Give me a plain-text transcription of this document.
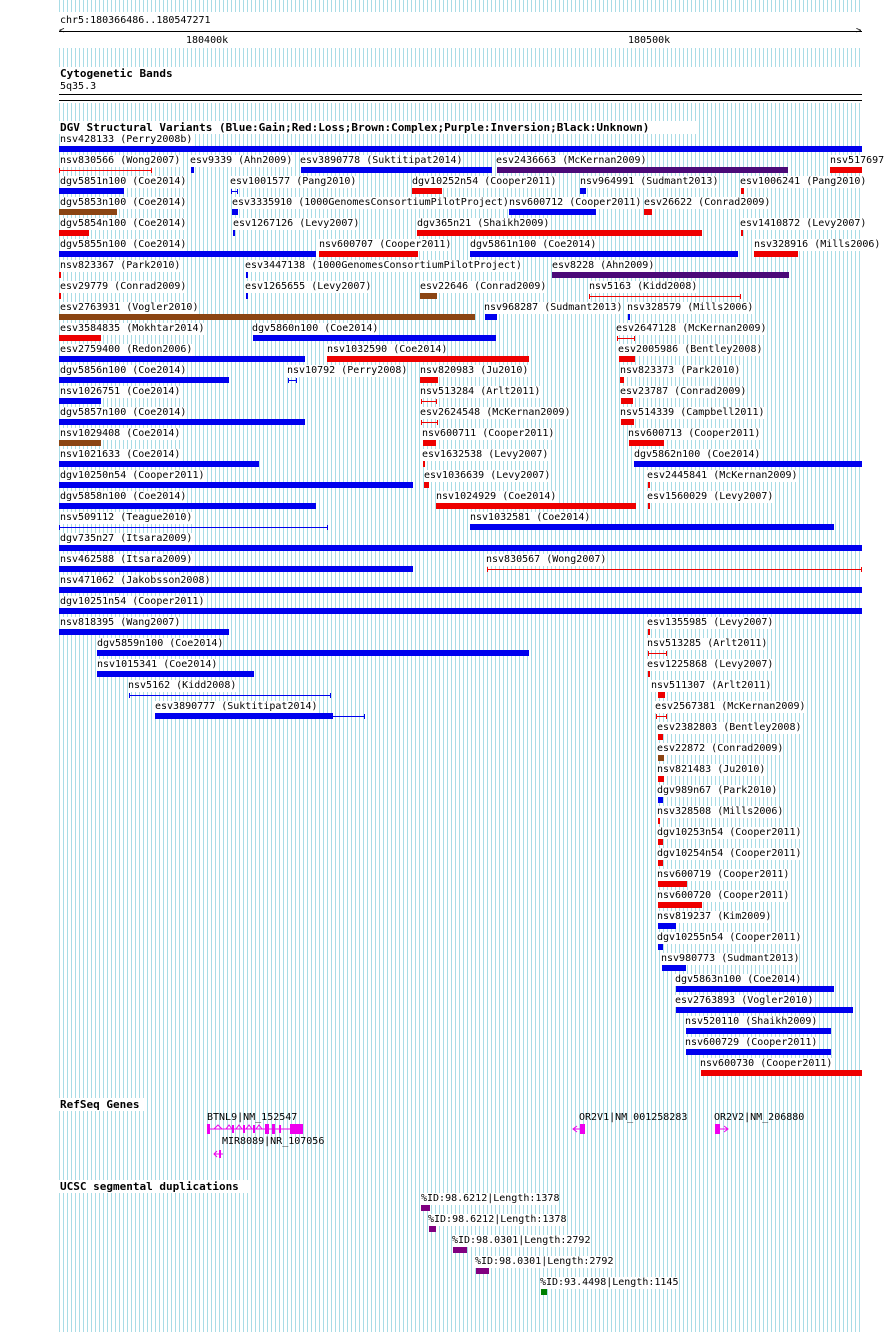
chr5:180366486..180547271
<	>
180400k	180500k
Cytogenetic Bands
5q35.3
DGV Structural Variants (Blue:Gain;Red:Loss;Brown:Complex;Purple:Inversion;Black:Unknown)
nsv428133 (Perry2008b)
nsv830566 (Wong2007) esv9339 (Ahn2009) esv3890778 (Suktitipat2014)	esv2436663 (McKernan2009)	nsv517697
dgv5851n100 (Coe2014)	esv1001577 (Pang2010)	dgv10252n54 (Cooper2011) nsv964991 (Sudmant2013) esv1006241 (Pang2010)
dgv5853n100 (Coe2014)	esv3335910 (1000GenomesConsortiumPilotProject) nsv600712 (Cooper2011) esv26622 (Conrad2009)
dgv5854n100 (Coe2014)	esv1267126 (Levy2007)	dgv365n21 (Shaikh2009)	esv1410872 (Levy2007)
dgv5855n100 (Coe2014)	nsv600707 (Cooper2011) dgv5861n100 (Coe2014)	nsv328916 (Mills2006)
nsv823367 (Park2010)	esv3447138 (1000GenomesConsortiumPilotProject)	esv8228 (Ahn2009)
esv29779 (Conrad2009)	esv1265655 (Levy2007)	esv22646 (Conrad2009)	nsv5163 (Kidd2008)
esv2763931 (Vogler2010)	nsv968287 (Sudmant2013) nsv328579 (Mills2006)
esv3584835 (Mokhtar2014)	dgv5860n100 (Coe2014)	esv2647128 (McKernan2009)
esv2759400 (Redon2006)	nsv1032590 (Coe2014)	esv2005986 (Bentley2008)
dgv5856n100 (Coe2014)	nsv10792 (Perry2008) nsv820983 (Ju2010)	nsv823373 (Park2010)
nsv1026751 (Coe2014)	nsv513284 (Arlt2011)	esv23787 (Conrad2009)
dgv5857n100 (Coe2014)	esv2624548 (McKernan2009)	nsv514339 (Campbell2011)
nsv1029408 (Coe2014)	nsv600711 (Cooper2011)	nsv600713 (Cooper2011)
nsv1021633 (Coe2014)	esv1632538 (Levy2007)	dgv5862n100 (Coe2014)
dgv10250n54 (Cooper2011)	esv1036639 (Levy2007)	esv2445841 (McKernan2009)
dgv5858n100 (Coe2014)	nsv1024929 (Coe2014)	esv1560029 (Levy2007)
nsv509112 (Teague2010)	nsv1032581 (Coe2014)
dgv735n27 (Itsara2009)
nsv462588 (Itsara2009)	nsv830567 (Wong2007)
nsv471062 (Jakobsson2008)
dgv10251n54 (Cooper2011)
nsv818395 (Wang2007)	esv1355985 (Levy2007)
dgv5859n100 (Coe2014)	nsv513285 (Arlt2011)
nsv1015341 (Coe2014)	esv1225868 (Levy2007)
nsv5162 (Kidd2008)	nsv511307 (Arlt2011)
esv3890777 (Suktitipat2014)	esv2567381 (McKernan2009)
esv2382803 (Bentley2008)
esv22872 (Conrad2009)
nsv821483 (Ju2010)
dgv989n67 (Park2010)
nsv328508 (Mills2006)
dgv10253n54 (Cooper2011)
dgv10254n54 (Cooper2011)
nsv600719 (Cooper2011)
nsv600720 (Cooper2011)
nsv819237 (Kim2009)
dgv10255n54 (Cooper2011)
nsv980773 (Sudmant2013)
dgv5863n100 (Coe2014)
esv2763893 (Vogler2010)
nsv520110 (Shaikh2009)
nsv600729 (Cooper2011)
nsv600730 (Cooper2011)
RefSeq Genes
BTNL9|NM_152547
MIR8089|NR_107056
OR2V1|NM_001258283	OR2V2|NM_206880
UCSC segmental duplications
%ID:98.6212|Length:1378
%ID:98.6212|Length:1378
%ID:98.0301|Length:2792
%ID:98.0301|Length:2792
%ID:93.4498|Length:1145
